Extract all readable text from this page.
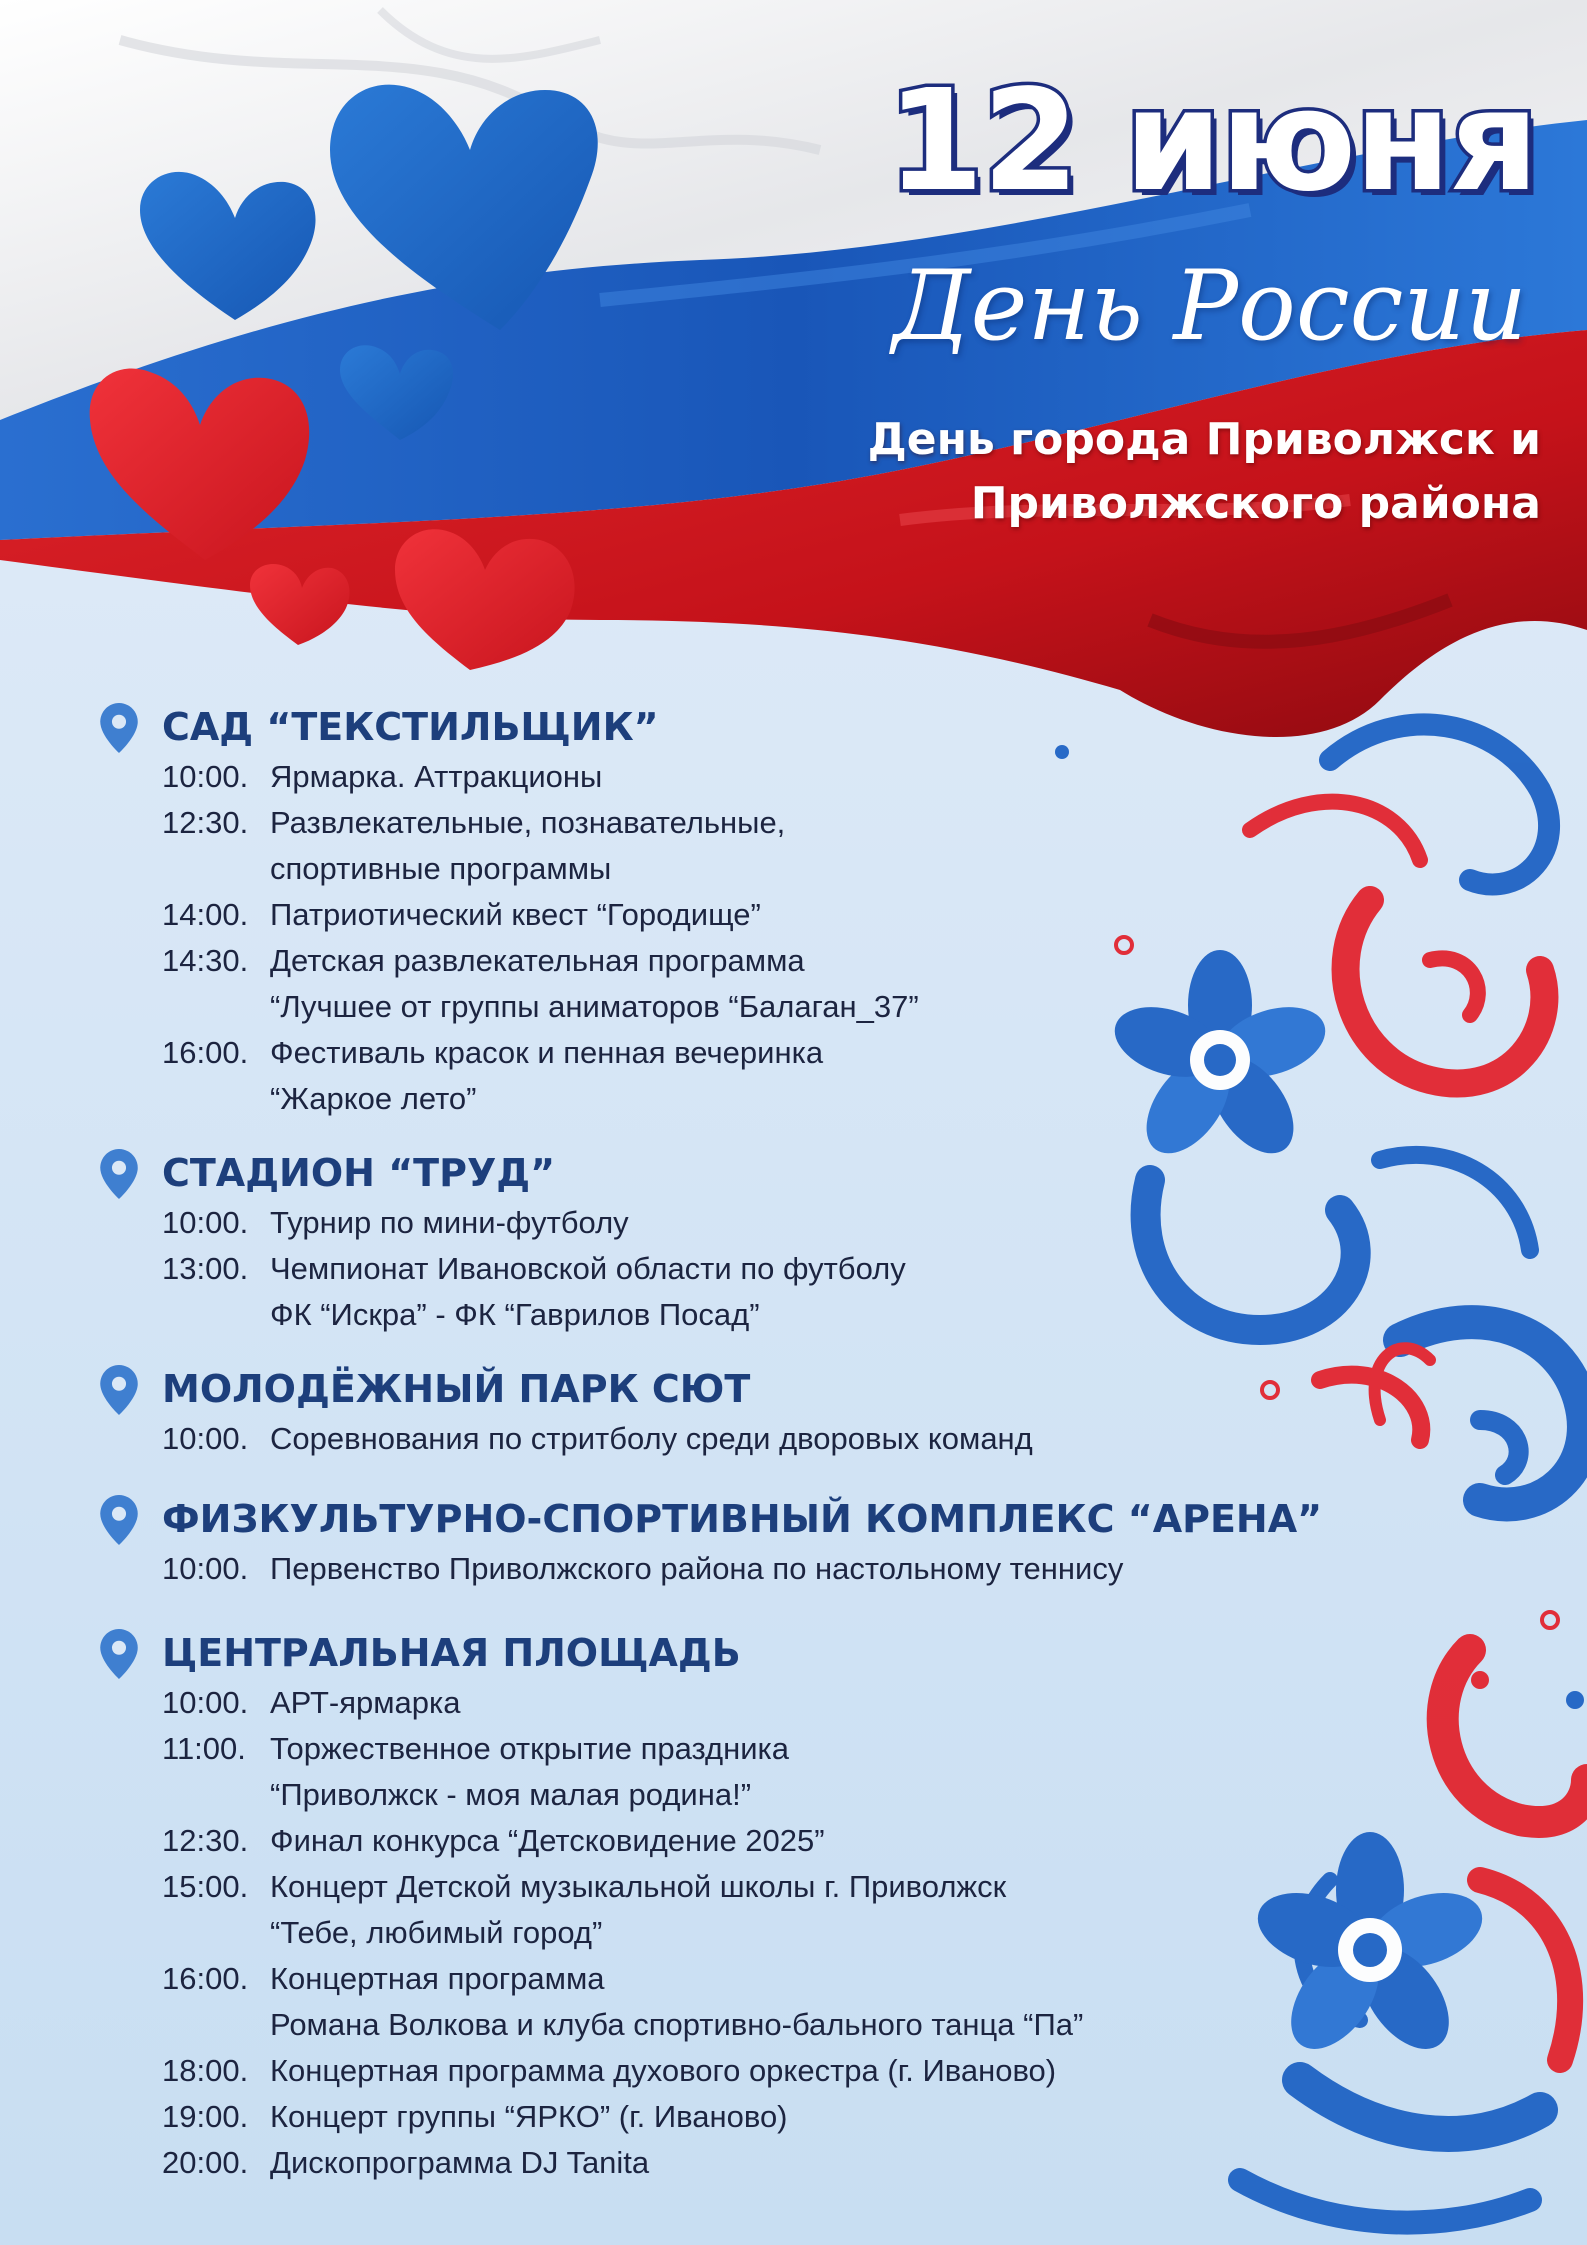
12 июня
День России
День города Приволжск и
Приволжского района
САД “ТЕКСТИЛЬЩИК”
10:00. Ярмарка. Аттракционы
12:30. Развлекательные, познавательные,
спортивные программы
14:00. Патриотический квест “Городище”
14:30. Детская развлекательная программа
“Лучшее от группы аниматоров “Балаган_37”
16:00. Фестиваль красок и пенная вечеринка
“Жаркое лето”
СТАДИОН “ТРУД”
10:00. Турнир по мини-футболу
13:00. Чемпионат Ивановской области по футболу
ФК “Искра” - ФК “Гаврилов Посад”
МОЛОДЁЖНЫЙ ПАРК СЮТ
10:00. Соревнования по стритболу среди дворовых команд
ФИЗКУЛЬТУРНО-СПОРТИВНЫЙ КОМПЛЕКС “АРЕНА”
10:00. Первенство Приволжского района по настольному теннису
ЦЕНТРАЛЬНАЯ ПЛОЩАДЬ
10:00. АРТ-ярмарка
11:00. Торжественное открытие праздника
“Приволжск - моя малая родина!”
12:30. Финал конкурса “Детсковидение 2025”
15:00. Концерт Детской музыкальной школы г. Приволжск
“Тебе, любимый город”
16:00. Концертная программа
Романа Волкова и клуба спортивно-бального танца “Па”
18:00. Концертная программа духового оркестра (г. Иваново)
19:00. Концерт группы “ЯРКО” (г. Иваново)
20:00. Дископрограмма DJ Tanita
